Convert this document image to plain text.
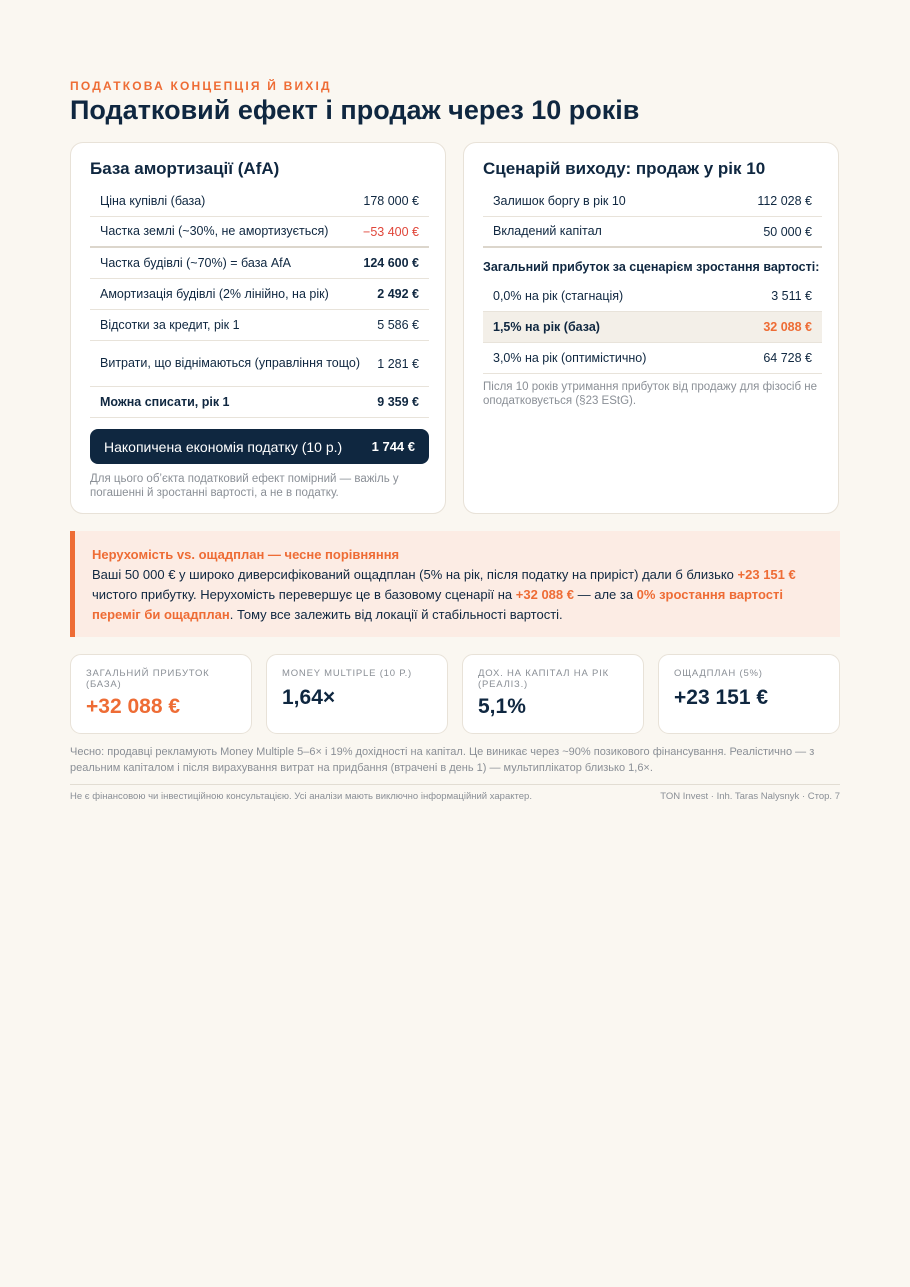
ПОДАТКОВА КОНЦЕПЦІЯ Й ВИХІД
Податковий ефект і продаж через 10 років
База амортизації (AfA)
Ціна купівлі (база)	178 000 €
Частка землі (~30%, не амортизується)	−53 400 €
Частка будівлі (~70%) = база AfA	124 600 €
Амортизація будівлі (2% лінійно, на рік)	2 492 €
Відсотки за кредит, рік 1	5 586 €
Витрати, що віднімаються (управління тощо)	1 281 €
Можна списати, рік 1	9 359 €
Накопичена економія податку (10 р.) 1 744 €
Для цього об’єкта податковий ефект помірний — важіль у погашенні й зростанні вартості, а не в податку.
Сценарій виходу: продаж у рік 10
Залишок боргу в рік 10	112 028 €
Вкладений капітал	50 000 €
Загальний прибуток за сценарієм зростання вартості:
0,0% на рік (стагнація)	3 511 €
1,5% на рік (база)	32 088 €
3,0% на рік (оптимістично)	64 728 €
Після 10 років утримання прибуток від продажу для фізосіб не оподатковується (§23 EStG).
Нерухомість vs. ощадплан — чесне порівняння
Ваші 50 000 € у широко диверсифікований ощадплан (5% на рік, після податку на приріст) дали б близько +23 151 € чистого прибутку. Нерухомість перевершує це в базовому сценарії на +32 088 € — але за 0% зростання вартості переміг би ощадплан. Тому все залежить від локації й стабільності вартості.
ЗАГАЛЬНИЙ ПРИБУТОК (БАЗА)
+32 088 €
MONEY MULTIPLE (10 Р.)
1,64×
ДОХ. НА КАПІТАЛ НА РІК (РЕАЛІЗ.)
5,1%
ОЩАДПЛАН (5%)
+23 151 €
Чесно: продавці рекламують Money Multiple 5–6× і 19% дохідності на капітал. Це виникає через ~90% позикового фінансування. Реалістично — з реальним капіталом і після вирахування витрат на придбання (втрачені в день 1) — мультиплікатор близько 1,6×.
Не є фінансовою чи інвестиційною консультацією. Усі аналізи мають виключно інформаційний характер.	TON Invest · Inh. Taras Nalysnyk · Стор. 7
